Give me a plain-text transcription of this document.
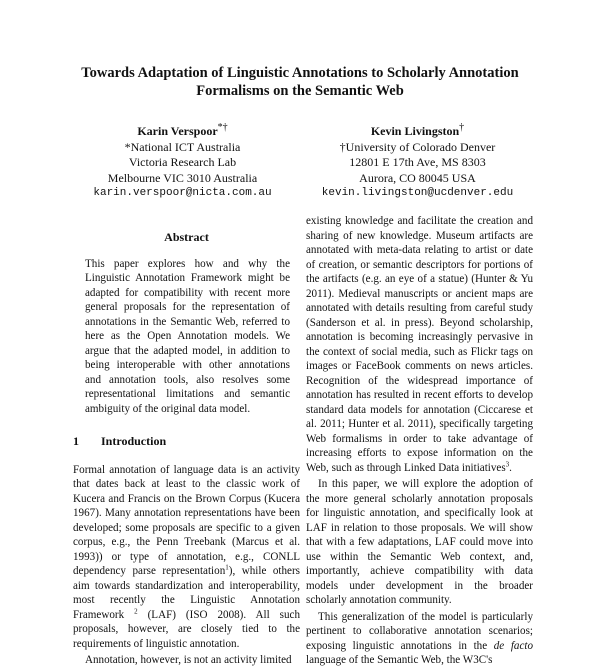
Towards Adaptation of Linguistic Annotations to Scholarly Annotation Formalisms on the Semantic Web
Karin Verspoor*†
*National ICT Australia
Victoria Research Lab
Melbourne VIC 3010 Australia
karin.verspoor@nicta.com.au
Kevin Livingston†
†University of Colorado Denver
12801 E 17th Ave, MS 8303
Aurora, CO 80045 USA
kevin.livingston@ucdenver.edu
Abstract

This paper explores how and why the Linguistic Annotation Framework might be adapted for compatibility with recent more general proposals for the representation of annotations in the Semantic Web, referred to here as the Open Annotation models. We argue that the adapted model, in addition to being interoperable with other annotations and annotation tools, also resolves some representational limitations and semantic ambiguity of the original data model.

1 Introduction

Formal annotation of language data is an activity that dates back at least to the classic work of Kucera and Francis on the Brown Corpus (Kucera 1967). Many annotation representations have been developed; some proposals are specific to a given corpus, e.g., the Penn Treebank (Marcus et al. 1993)) or type of annotation, e.g., CONLL dependency parse representation$^1$), while others aim towards standardization and interoperability, most recently the Linguistic Annotation Framework $^2$ (LAF) (ISO 2008). All such proposals, however, are closely tied to the requirements of linguistic annotation.

Annotation, however, is not an activity limited

existing knowledge and facilitate the creation and sharing of new knowledge. Museum artifacts are annotated with meta-data relating to artist or date of creation, or semantic descriptors for portions of the artifacts (e.g. an eye of a statue) (Hunter & Yu 2011). Medieval manuscripts or ancient maps are annotated with details resulting from careful study (Sanderson et al. in press). Beyond scholarship, annotation is becoming increasingly pervasive in the context of social media, such as Flickr tags on images or FaceBook comments on news articles. Recognition of the widespread importance of annotation has resulted in recent efforts to develop standard data models for annotation (Ciccarese et al. 2011; Hunter et al. 2011), specifically targeting Web formalisms in order to take advantage of increasing efforts to expose information on the Web, such as through Linked Data initiatives$^3$.

In this paper, we will explore the adoption of the more general scholarly annotation proposals for linguistic annotation, and specifically look at LAF in relation to those proposals. We will show that with a few adaptations, LAF could move into use within the Semantic Web context, and, importantly, achieve compatibility with data models under development in the broader scholarly annotation community.

This generalization of the model is particularly pertinent to collaborative annotation scenarios; exposing linguistic annotations in the de facto language of the Semantic Web, the W3C's
